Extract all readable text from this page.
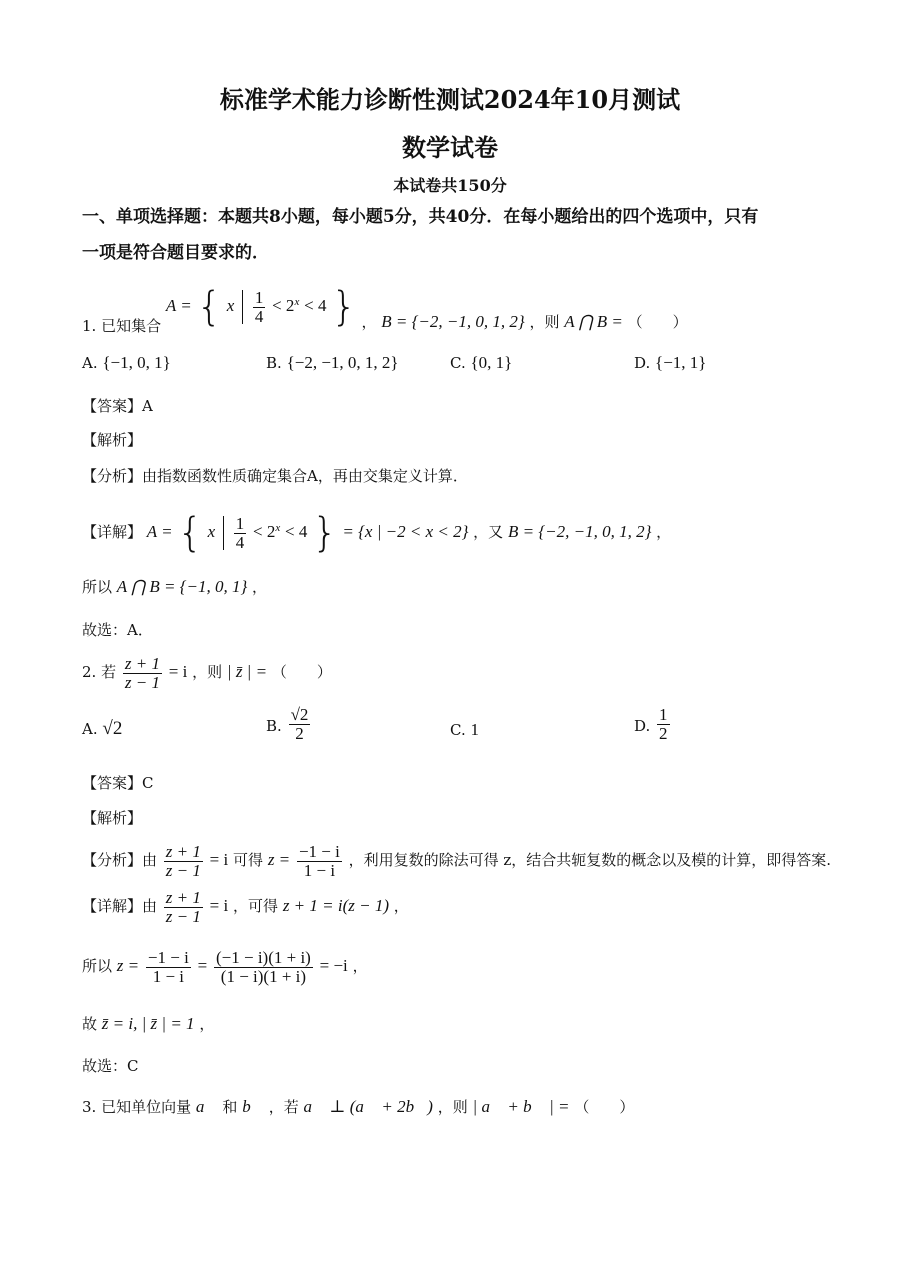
标准学术能力诊断性测试2024年10月测试
数学试卷
本试卷共150分
一、单项选择题：本题共8小题，每小题5分，共40分．在每小题给出的四个选项中，只有
一项是符合题目要求的．
1. 已知集合 A = { x $\frac{1}{4} < 2^x < 4$ } ， B = {−2, −1, 0, 1, 2} ，则 A ⋂ B = （　　）
A. {−1, 0, 1}	B. {−2, −1, 0, 1, 2}	C. {0, 1}	D. {−1, 1}
【答案】A
【解析】
【分析】由指数函数性质确定集合A，再由交集定义计算．
【详解】 A = { x $\frac{1}{4} < 2^x < 4$ } = {x | −2 < x < 2} ，又 B = {−2, −1, 0, 1, 2} ，
所以 A ⋂ B = {−1, 0, 1} ，
故选：A．
2. 若 $\frac{z + 1}{z - 1} = i$ ，则 | z̄ | = （　　）
A. √2	B. $\frac{√2}{2}$	C. 1	D. $\frac{1}{2}$
【答案】C
【解析】
【分析】由 $\frac{z + 1}{z - 1} = i$ 可得 $z = \frac{-1 - i}{1 - i}$ ，利用复数的除法可得 z，结合共轭复数的概念以及模的计算，即得答案.
【详解】由 $\frac{z + 1}{z - 1} = i$ ，可得 z + 1 = i(z − 1) ，
所以 $z = \frac{-1 - i}{1 - i} = \frac{(-1 - i)(1 + i)}{(1 - i)(1 + i)} = -i$ ，
故 z̄ = i, | z̄ | = 1 ，
故选：C
3. 已知单位向量 a⃗ 和 b⃗ ，若 a⃗ ⊥ (a⃗ + 2b⃗) ，则 | a⃗ + b⃗ | = （　　）
